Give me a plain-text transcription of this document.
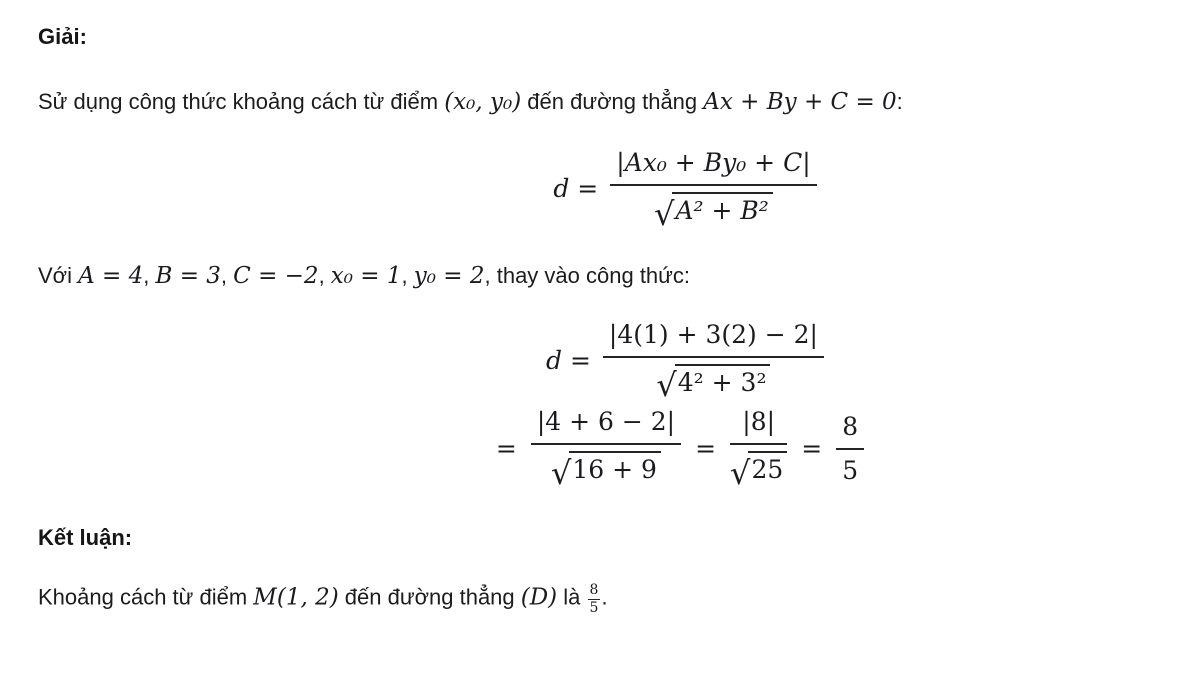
Giải:

Sử dụng công thức khoảng cách từ điểm (x₀, y₀) đến đường thẳng Ax + By + C = 0:

$d = \frac{\text{|Ax₀ + By₀ + C|}}{\text{√ A² + B²}}$

Với A = 4, B = 3, C = −2, x₀ = 1, y₀ = 2, thay vào công thức:

$d = \frac{|4(1) + 3(2) - 2|}{\text{√ 4² + 3²}}$
= $\frac{|4 + 6 - 2|}{√ 16 + 9} = \frac{|8|}{√ 25} = \frac{8}{5}$

Kết luận:

Khoảng cách từ điểm M(1, 2) đến đường thẳng (D) là $\frac{8}{5}$ .
